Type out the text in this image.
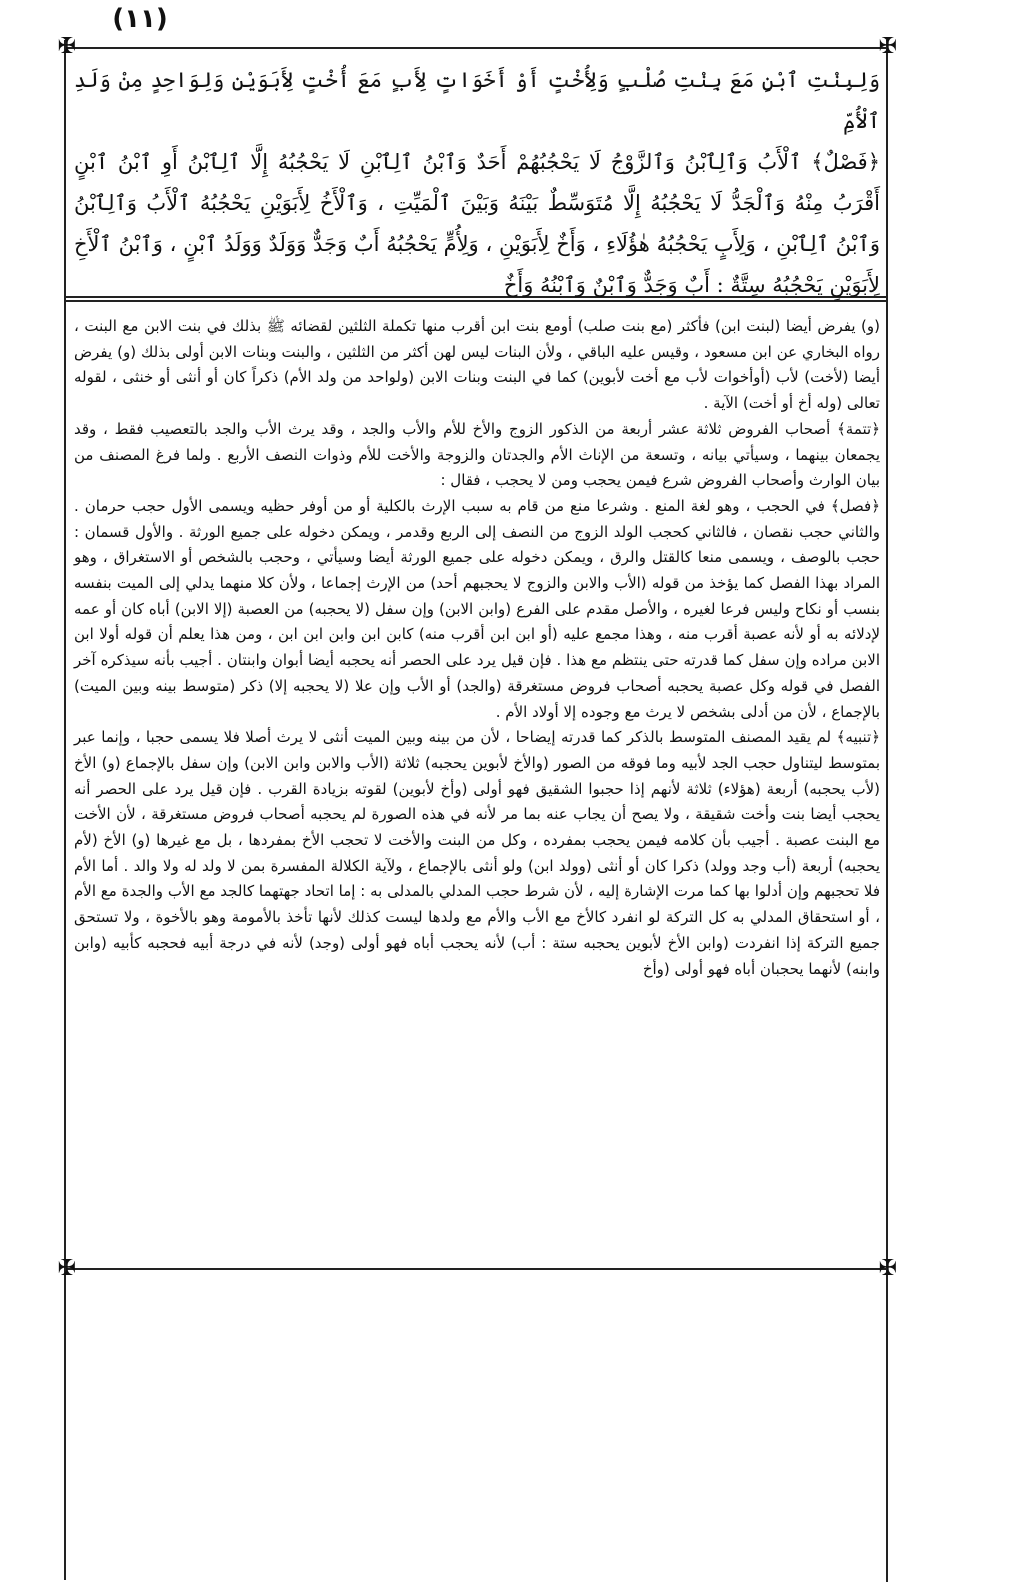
(١١)
✠	✠
✠	✠

وَلِبِنْتِ ٱبْنٍ مَعَ بِنْتِ صُلْبٍ وَلِأُخْتٍ أَوْ أَخَوَاتٍ لِأَبٍ مَعَ أُخْتٍ لِأَبَوَيْنِ وَلِوَاحِدٍ مِنْ وَلَدِ ٱلْأُمِّ

﴿فَصْلٌ﴾ ٱلْأَبُ وَٱلِٱبْنُ وَٱلزَّوْجُ لَا يَحْجُبُهُمْ أَحَدٌ وَٱبْنُ ٱلِٱبْنِ لَا يَحْجُبُهُ إِلَّا ٱلِٱبْنُ أَوِ ٱبْنُ ٱبْنٍ أَقْرَبُ مِنْهُ وَٱلْجَدُّ لَا يَحْجُبُهُ إِلَّا مُتَوَسِّطٌ بَيْنَهُ وَبَيْنَ ٱلْمَيِّتِ ، وَٱلْأَخُ لِأَبَوَيْنِ يَحْجُبُهُ ٱلْأَبُ وَٱلِٱبْنُ وَٱبْنُ ٱلِٱبْنِ ، وَلِأَبٍ يَحْجُبُهُ هٰؤُلَاءِ ، وَأَخٌ لِأَبَوَيْنِ ، وَلِأُمٍّ يَحْجُبُهُ أَبٌ وَجَدٌّ وَوَلَدٌ وَوَلَدُ ٱبْنٍ ، وَٱبْنُ ٱلْأَخِ لِأَبَوَيْنِ يَحْجُبُهُ سِتَّةٌ : أَبٌ وَجَدٌّ وَٱبْنٌ وَٱبْنُهُ وَأَخٌ

(و) يفرض أيضا (لبنت ابن) فأكثر (مع بنت صلب) أومع بنت ابن أقرب منها تكملة الثلثين لقضائه ﷺ بذلك في بنت الابن مع البنت ، رواه البخاري عن ابن مسعود ، وقيس عليه الباقي ، ولأن البنات ليس لهن أكثر من الثلثين ، والبنت وبنات الابن أولى بذلك (و) يفرض أيضا (لأخت) لأب (أوأخوات لأب مع أخت لأبوين) كما في البنت وبنات الابن (ولواحد من ولد الأم) ذكراً كان أو أنثى أو خنثى ، لقوله تعالى (وله أخ أو أخت) الآية .

﴿تتمة﴾ أصحاب الفروض ثلاثة عشر أربعة من الذكور الزوج والأخ للأم والأب والجد ، وقد يرث الأب والجد بالتعصيب فقط ، وقد يجمعان بينهما ، وسيأتي بيانه ، وتسعة من الإناث الأم والجدتان والزوجة والأخت للأم وذوات النصف الأربع . ولما فرغ المصنف من بيان الوارث وأصحاب الفروض شرع فيمن يحجب ومن لا يحجب ، فقال :

﴿فصل﴾ في الحجب ، وهو لغة المنع . وشرعا منع من قام به سبب الإرث بالكلية أو من أوفر حظيه ويسمى الأول حجب حرمان . والثاني حجب نقصان ، فالثاني كحجب الولد الزوج من النصف إلى الربع وقدمر ، ويمكن دخوله على جميع الورثة . والأول قسمان : حجب بالوصف ، ويسمى منعا كالقتل والرق ، ويمكن دخوله على جميع الورثة أيضا وسيأتي ، وحجب بالشخص أو الاستغراق ، وهو المراد بهذا الفصل كما يؤخذ من قوله (الأب والابن والزوج لا يحجبهم أحد) من الإرث إجماعا ، ولأن كلا منهما يدلي إلى الميت بنفسه بنسب أو نكاح وليس فرعا لغيره ، والأصل مقدم على الفرع (وابن الابن) وإن سفل (لا يحجبه) من العصبة (إلا الابن) أباه كان أو عمه لإدلائه به أو لأنه عصبة أقرب منه ، وهذا مجمع عليه (أو ابن ابن أقرب منه) كابن ابن وابن ابن ابن ، ومن هذا يعلم أن قوله أولا ابن الابن مراده وإن سفل كما قدرته حتى ينتظم مع هذا . فإن قيل يرد على الحصر أنه يحجبه أيضا أبوان وابنتان . أجيب بأنه سيذكره آخر الفصل في قوله وكل عصبة يحجبه أصحاب فروض مستغرقة (والجد) أو الأب وإن علا (لا يحجبه إلا) ذكر (متوسط بينه وبين الميت) بالإجماع ، لأن من أدلى بشخص لا يرث مع وجوده إلا أولاد الأم .

﴿تنبيه﴾ لم يقيد المصنف المتوسط بالذكر كما قدرته إيضاحا ، لأن من بينه وبين الميت أنثى لا يرث أصلا فلا يسمى حجبا ، وإنما عبر بمتوسط ليتناول حجب الجد لأبيه وما فوقه من الصور (والأخ لأبوين يحجبه) ثلاثة (الأب والابن وابن الابن) وإن سفل بالإجماع (و) الأخ (لأب يحجبه) أربعة (هؤلاء) ثلاثة لأنهم إذا حجبوا الشقيق فهو أولى (وأخ لأبوين) لقوته بزيادة القرب . فإن قيل يرد على الحصر أنه يحجب أيضا بنت وأخت شقيقة ، ولا يصح أن يجاب عنه بما مر لأنه في هذه الصورة لم يحجبه أصحاب فروض مستغرقة ، لأن الأخت مع البنت عصبة . أجيب بأن كلامه فيمن يحجب بمفرده ، وكل من البنت والأخت لا تحجب الأخ بمفردها ، بل مع غيرها (و) الأخ (لأم يحجبه) أربعة (أب وجد وولد) ذكرا كان أو أنثى (وولد ابن) ولو أنثى بالإجماع ، ولآية الكلالة المفسرة بمن لا ولد له ولا والد . أما الأم فلا تحجبهم وإن أدلوا بها كما مرت الإشارة إليه ، لأن شرط حجب المدلي بالمدلى به : إما اتحاد جهتهما كالجد مع الأب والجدة مع الأم ، أو استحقاق المدلي به كل التركة لو انفرد كالأخ مع الأب والأم مع ولدها ليست كذلك لأنها تأخذ بالأمومة وهو بالأخوة ، ولا تستحق جميع التركة إذا انفردت (وابن الأخ لأبوين يحجبه ستة : أب) لأنه يحجب أباه فهو أولى (وجد) لأنه في درجة أبيه فحجبه كأبيه (وابن وابنه) لأنهما يحجبان أباه فهو أولى (وأخ
